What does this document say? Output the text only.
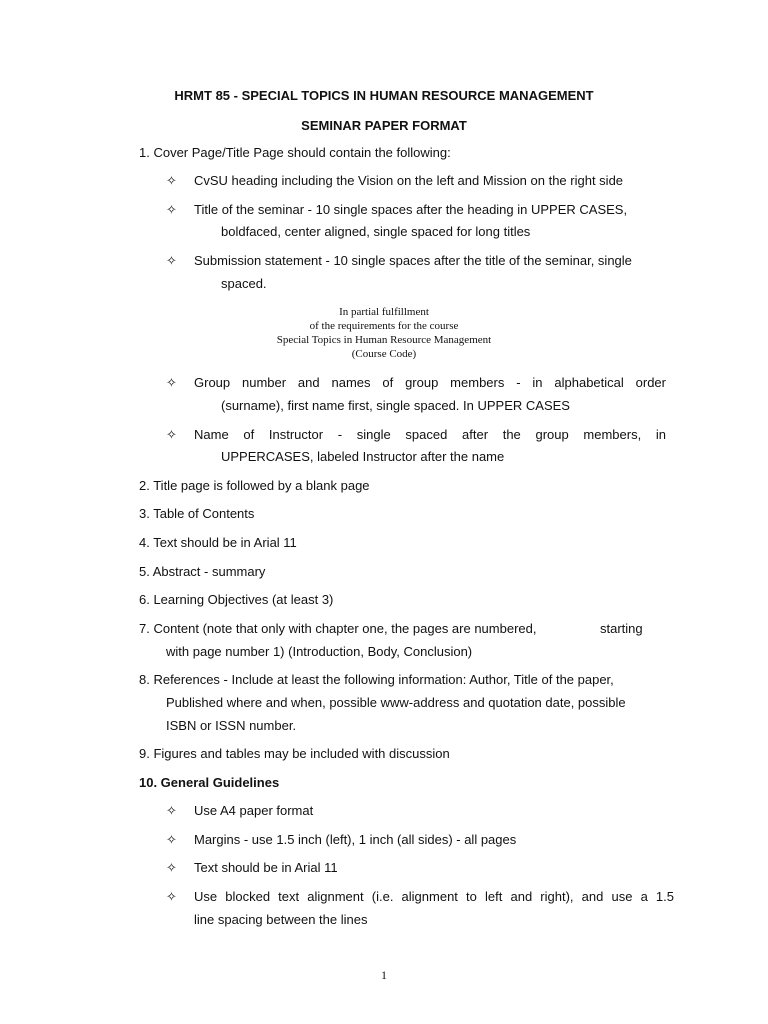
HRMT 85 - SPECIAL TOPICS IN HUMAN RESOURCE MANAGEMENT
SEMINAR PAPER FORMAT
1. Cover Page/Title Page should contain the following:
✧ CvSU heading including the Vision on the left and Mission on the right side
✧ Title of the seminar - 10 single spaces after the heading in UPPER CASES,
boldfaced, center aligned, single spaced for long titles
✧ Submission statement - 10 single spaces after the title of the seminar, single
spaced.
In partial fulfillment
of the requirements for the course
Special Topics in Human Resource Management
(Course Code)
✧ Group number and names of group members - in alphabetical order
(surname), first name first, single spaced. In UPPER CASES
✧ Name of Instructor - single spaced after the group members, in
UPPERCASES, labeled Instructor after the name
2. Title page is followed by a blank page
3. Table of Contents
4. Text should be in Arial 11
5. Abstract - summary
6. Learning Objectives (at least 3)
7. Content (note that only with chapter one, the pages are numbered,	starting
with page number 1) (Introduction, Body, Conclusion)
8. References - Include at least the following information: Author, Title of the paper,
Published where and when, possible www-address and quotation date, possible
ISBN or ISSN number.
9. Figures and tables may be included with discussion
10. General Guidelines
✧ Use A4 paper format
✧ Margins - use 1.5 inch (left), 1 inch (all sides) - all pages
✧ Text should be in Arial 11
✧ Use blocked text alignment (i.e. alignment to left and right), and use a 1.5
line spacing between the lines
1
